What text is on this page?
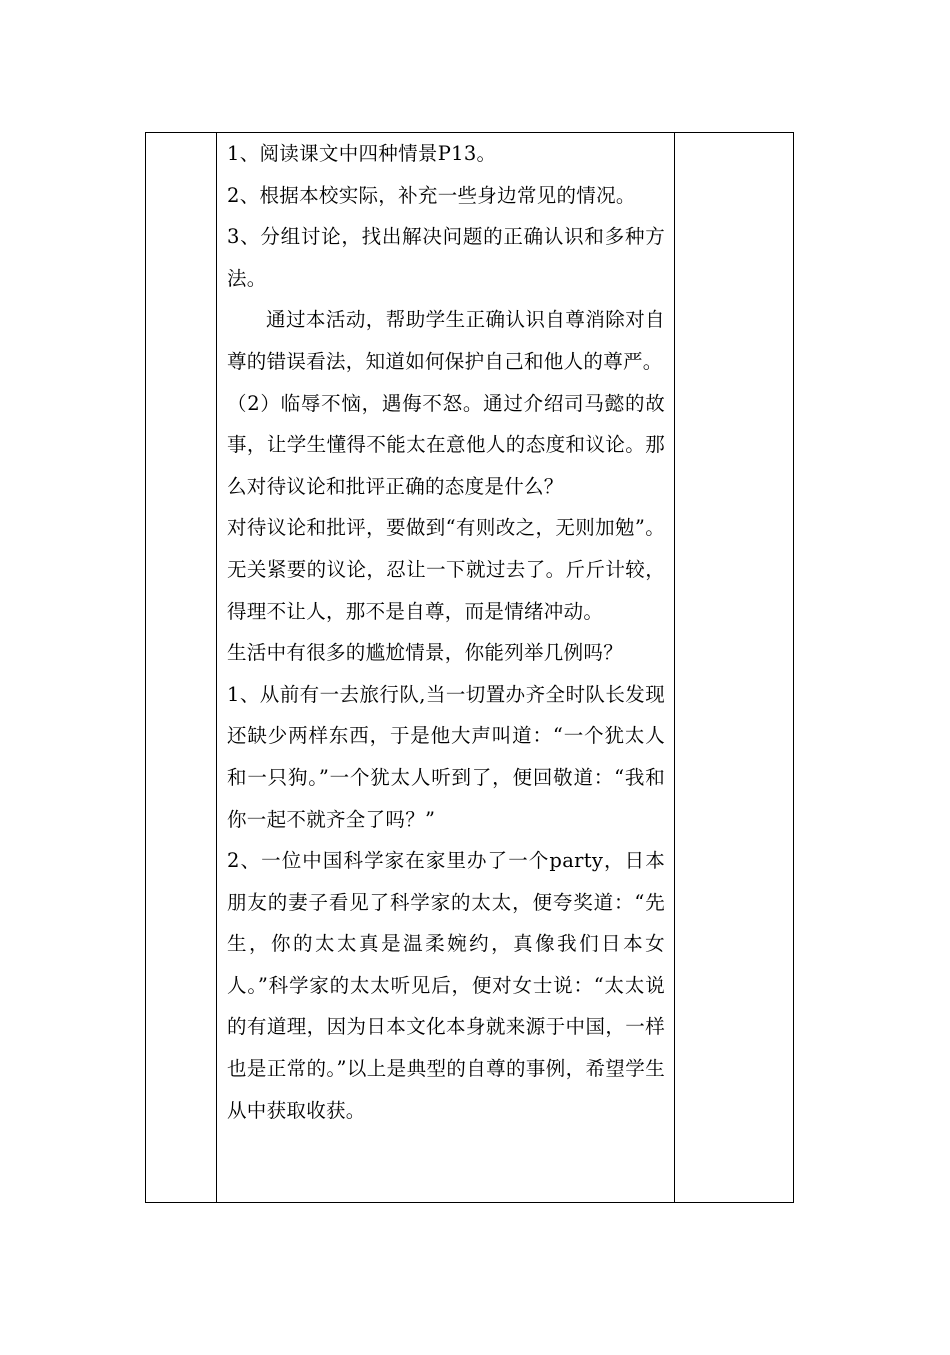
1、阅读课文中四种情景P13。

2、根据本校实际，补充一些身边常见的情况。

3、分组讨论，找出解决问题的正确认识和多种方法。

通过本活动，帮助学生正确认识自尊消除对自尊的错误看法，知道如何保护自己和他人的尊严。

（2）临辱不恼，遇侮不怒。通过介绍司马懿的故事，让学生懂得不能太在意他人的态度和议论。那么对待议论和批评正确的态度是什么？

对待议论和批评，要做到“有则改之，无则加勉”。无关紧要的议论，忍让一下就过去了。斤斤计较，得理不让人，那不是自尊，而是情绪冲动。

生活中有很多的尴尬情景，你能列举几例吗？

1、从前有一去旅行队,当一切置办齐全时队长发现还缺少两样东西，于是他大声叫道：“一个犹太人和一只狗。”一个犹太人听到了，便回敬道：“我和你一起不就齐全了吗？”

2、一位中国科学家在家里办了一个party，日本朋友的妻子看见了科学家的太太，便夸奖道：“先生，你的太太真是温柔婉约，真像我们日本女人。”科学家的太太听见后，便对女士说：“太太说的有道理，因为日本文化本身就来源于中国，一样也是正常的。”以上是典型的自尊的事例，希望学生从中获取收获。
